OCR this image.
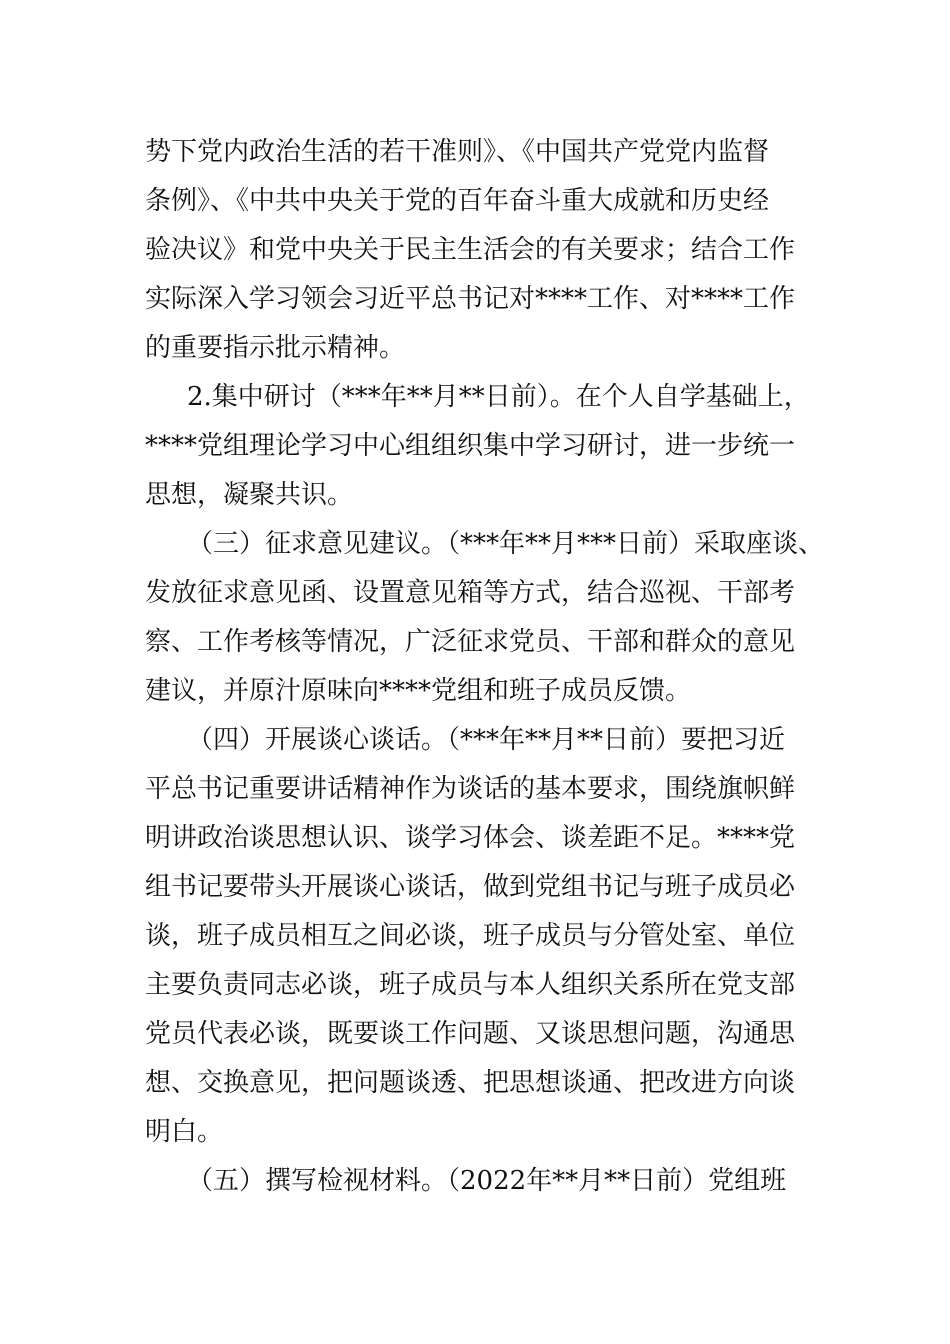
势下党内政治生活的若干准则》、《中国共产党党内监督
条例》、《中共中央关于党的百年奋斗重大成就和历史经
验决议》和党中央关于民主生活会的有关要求；结合工作
实际深入学习领会习近平总书记对****工作、对****工作
的重要指示批示精神。

2.集中研讨（***年**月**日前）。在个人自学基础上，
****党组理论学习中心组组织集中学习研讨，进一步统一
思想，凝聚共识。

（三）征求意见建议。（***年**月***日前）采取座谈、
发放征求意见函、设置意见箱等方式，结合巡视、干部考
察、工作考核等情况，广泛征求党员、干部和群众的意见
建议，并原汁原味向****党组和班子成员反馈。

（四）开展谈心谈话。（***年**月**日前）要把习近
平总书记重要讲话精神作为谈话的基本要求，围绕旗帜鲜
明讲政治谈思想认识、谈学习体会、谈差距不足。****党
组书记要带头开展谈心谈话，做到党组书记与班子成员必
谈，班子成员相互之间必谈，班子成员与分管处室、单位
主要负责同志必谈，班子成员与本人组织关系所在党支部
党员代表必谈，既要谈工作问题、又谈思想问题，沟通思
想、交换意见，把问题谈透、把思想谈通、把改进方向谈
明白。

（五）撰写检视材料。（2022年**月**日前）党组班
